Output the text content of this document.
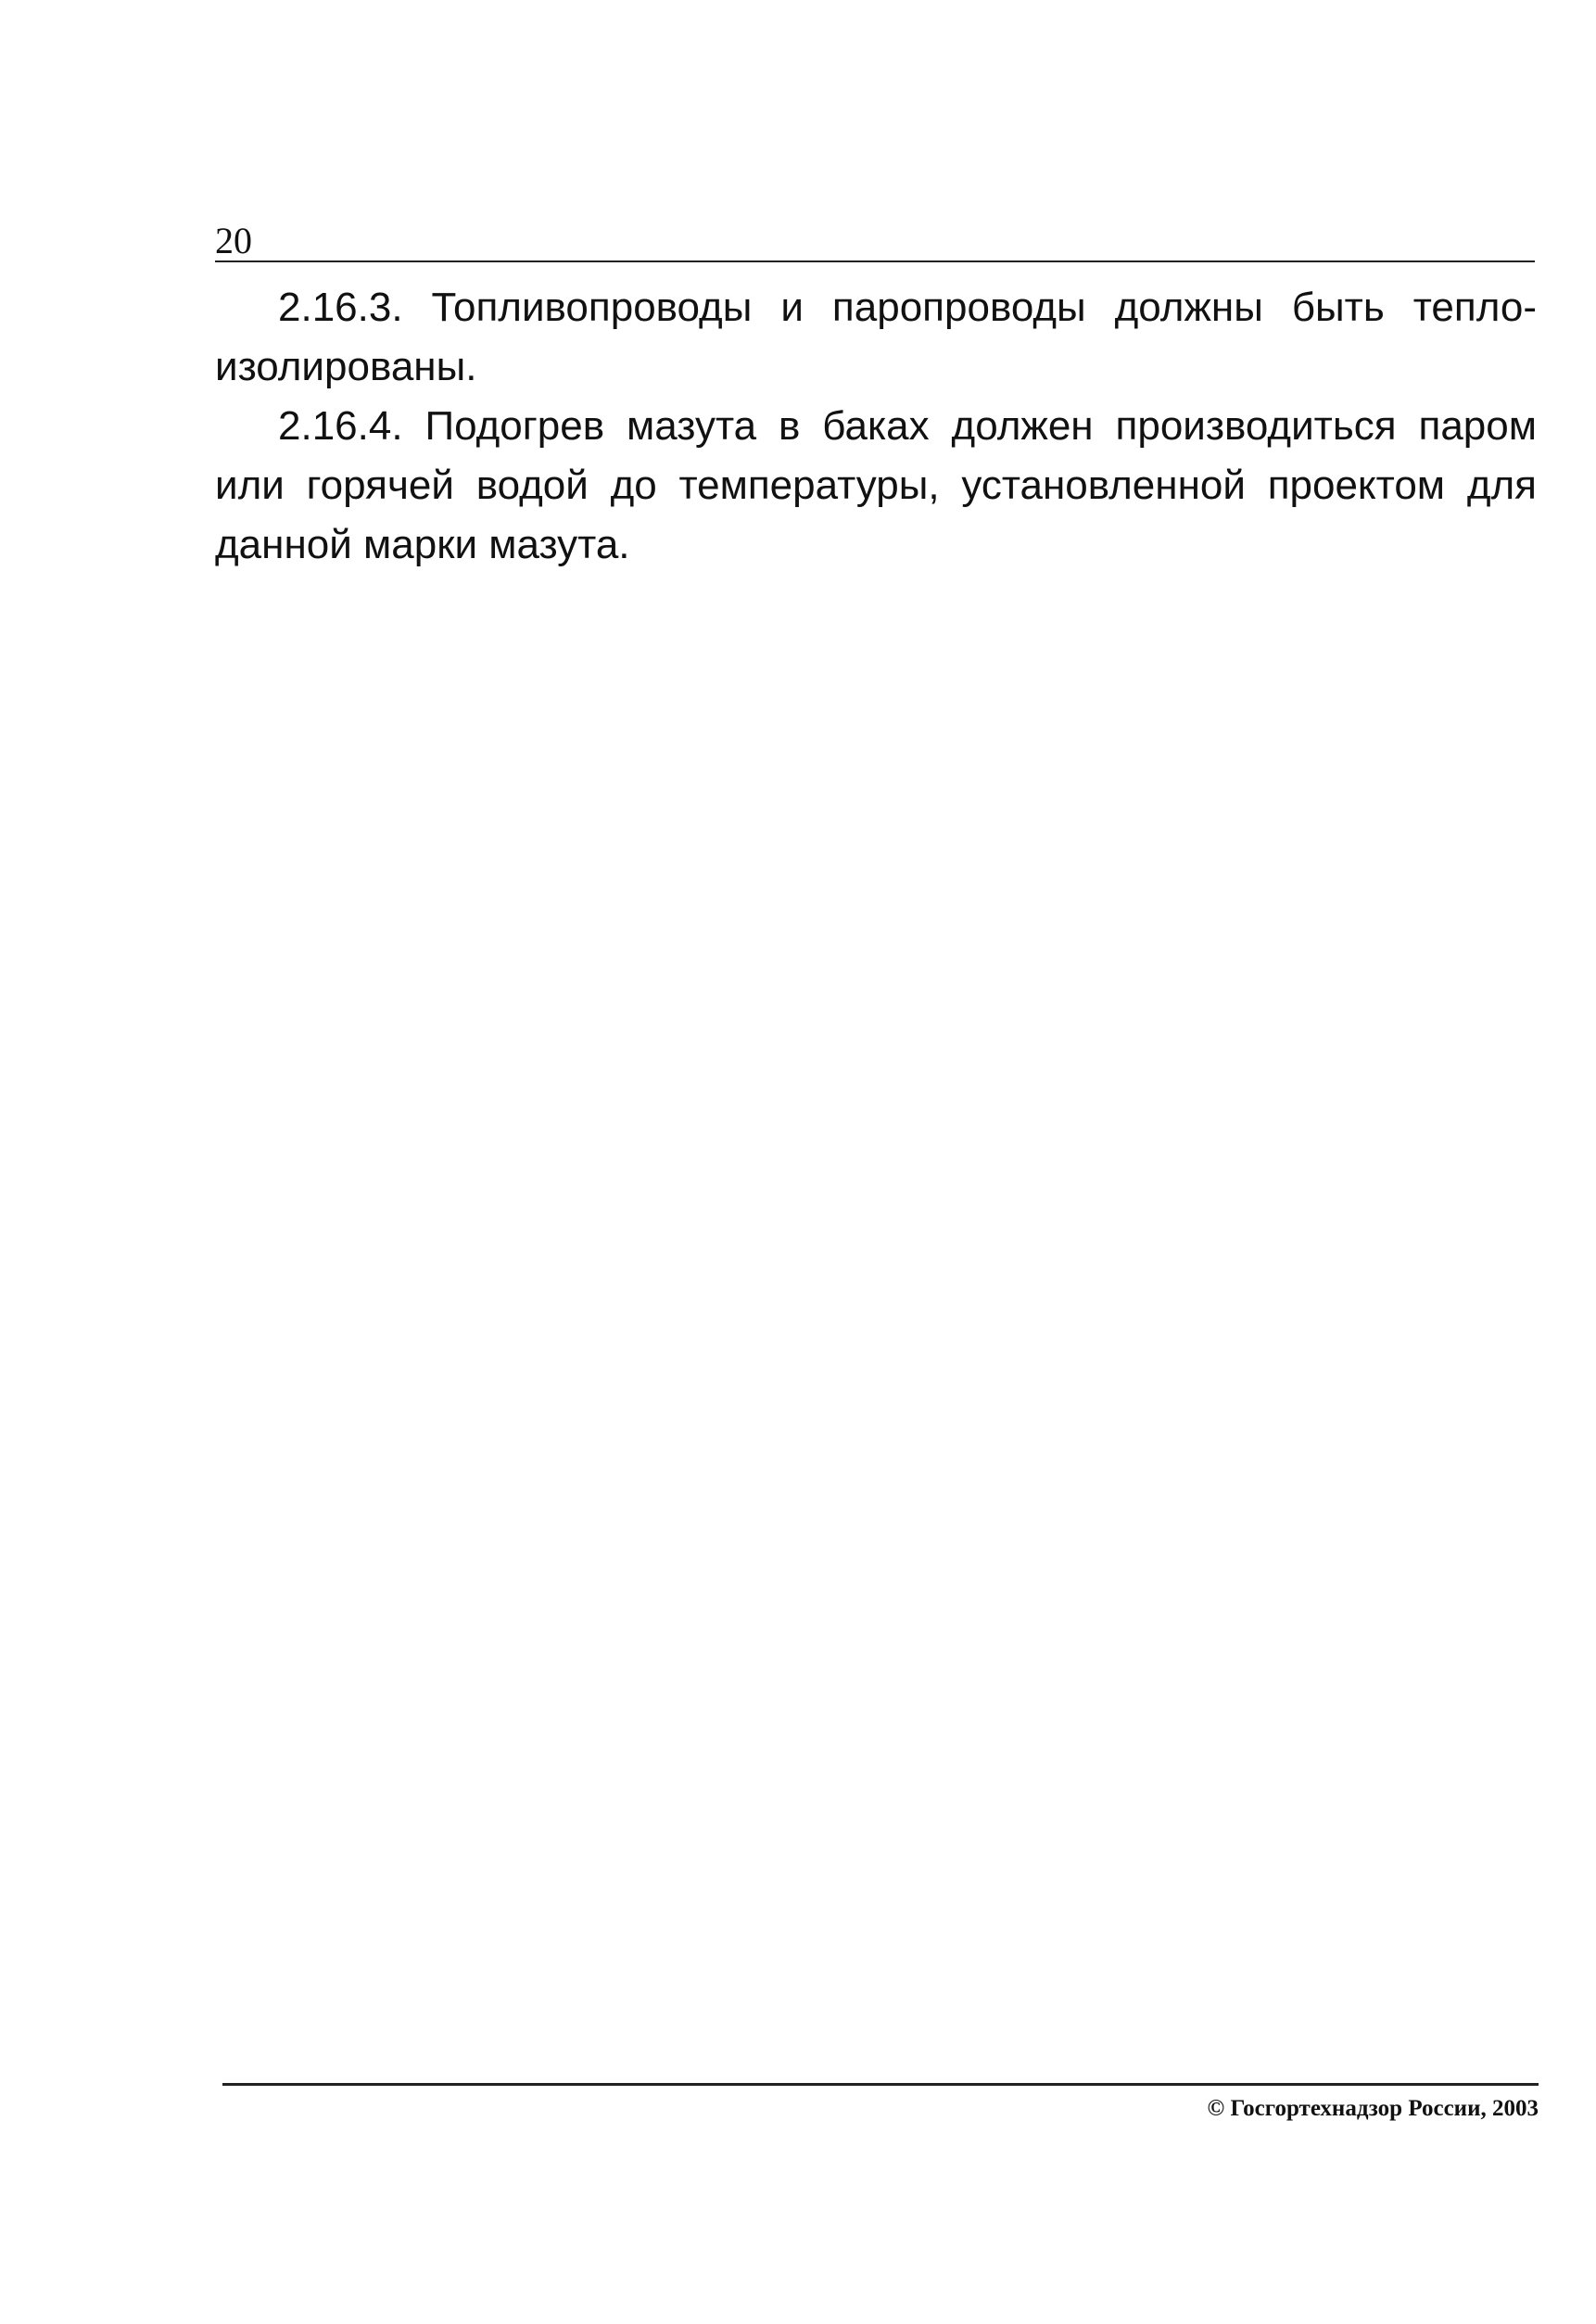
20

2.16.3. Топливопроводы и паропроводы должны быть тепло-изолированы.

2.16.4. Подогрев мазута в баках должен производиться паром или горячей водой до температуры, установленной проектом для данной марки мазута.

© Госгортехнадзор России, 2003
